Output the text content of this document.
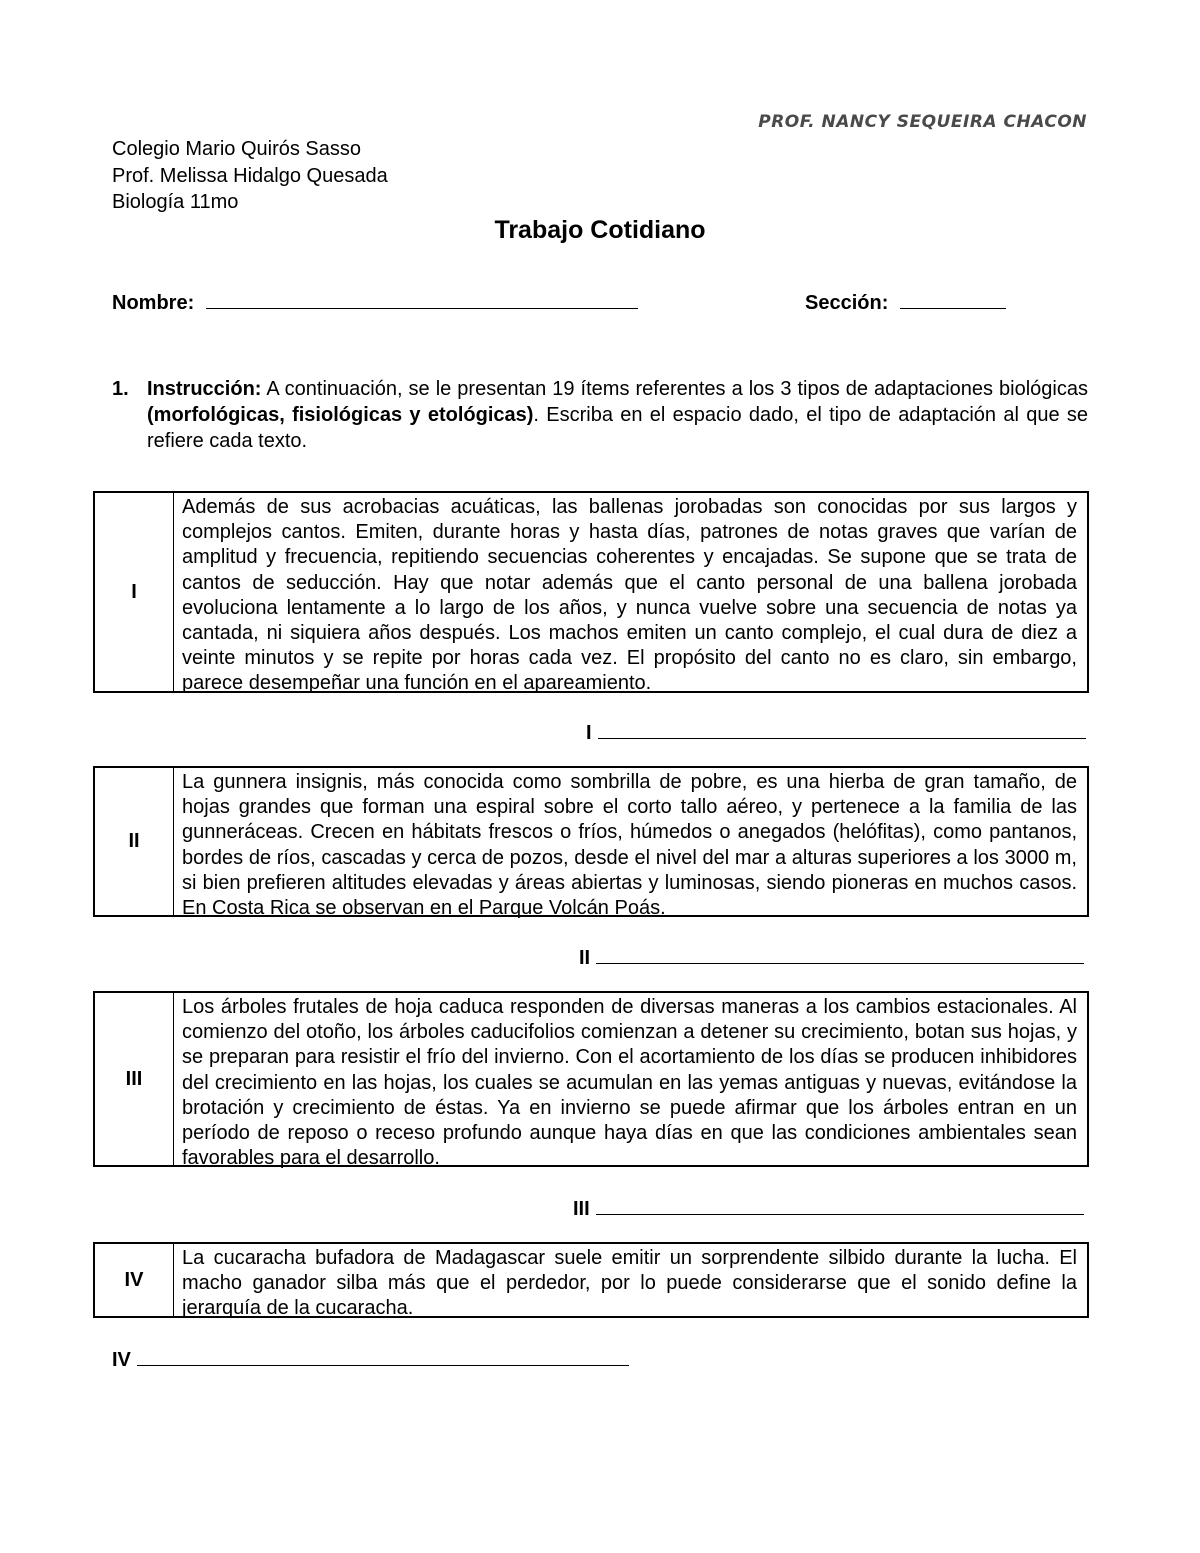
PROF. NANCY SEQUEIRA CHACON
Colegio Mario Quirós Sasso
Prof. Melissa Hidalgo Quesada
Biología 11mo
Trabajo Cotidiano
Nombre:	Sección:
1. Instrucción: A continuación, se le presentan 19 ítems referentes a los 3 tipos de adaptaciones biológicas (morfológicas, fisiológicas y etológicas). Escriba en el espacio dado, el tipo de adaptación al que se refiere cada texto.
I
Además de sus acrobacias acuáticas, las ballenas jorobadas son conocidas por sus largos y complejos cantos. Emiten, durante horas y hasta días, patrones de notas graves que varían de amplitud y frecuencia, repitiendo secuencias coherentes y encajadas. Se supone que se trata de cantos de seducción. Hay que notar además que el canto personal de una ballena jorobada evoluciona lentamente a lo largo de los años, y nunca vuelve sobre una secuencia de notas ya cantada, ni siquiera años después. Los machos emiten un canto complejo, el cual dura de diez a veinte minutos y se repite por horas cada vez. El propósito del canto no es claro, sin embargo, parece desempeñar una función en el apareamiento.
I
II
La gunnera insignis, más conocida como sombrilla de pobre, es una hierba de gran tamaño, de hojas grandes que forman una espiral sobre el corto tallo aéreo, y pertenece a la familia de las gunneráceas. Crecen en hábitats frescos o fríos, húmedos o anegados (helófitas), como pantanos, bordes de ríos, cascadas y cerca de pozos, desde el nivel del mar a alturas superiores a los 3000 m, si bien prefieren altitudes elevadas y áreas abiertas y luminosas, siendo pioneras en muchos casos. En Costa Rica se observan en el Parque Volcán Poás.
II
III
Los árboles frutales de hoja caduca responden de diversas maneras a los cambios estacionales. Al comienzo del otoño, los árboles caducifolios comienzan a detener su crecimiento, botan sus hojas, y se preparan para resistir el frío del invierno. Con el acortamiento de los días se producen inhibidores del crecimiento en las hojas, los cuales se acumulan en las yemas antiguas y nuevas, evitándose la brotación y crecimiento de éstas. Ya en invierno se puede afirmar que los árboles entran en un período de reposo o receso profundo aunque haya días en que las condiciones ambientales sean favorables para el desarrollo.
III
IV
La cucaracha bufadora de Madagascar suele emitir un sorprendente silbido durante la lucha. El macho ganador silba más que el perdedor, por lo puede considerarse que el sonido define la jerarquía de la cucaracha.
IV
